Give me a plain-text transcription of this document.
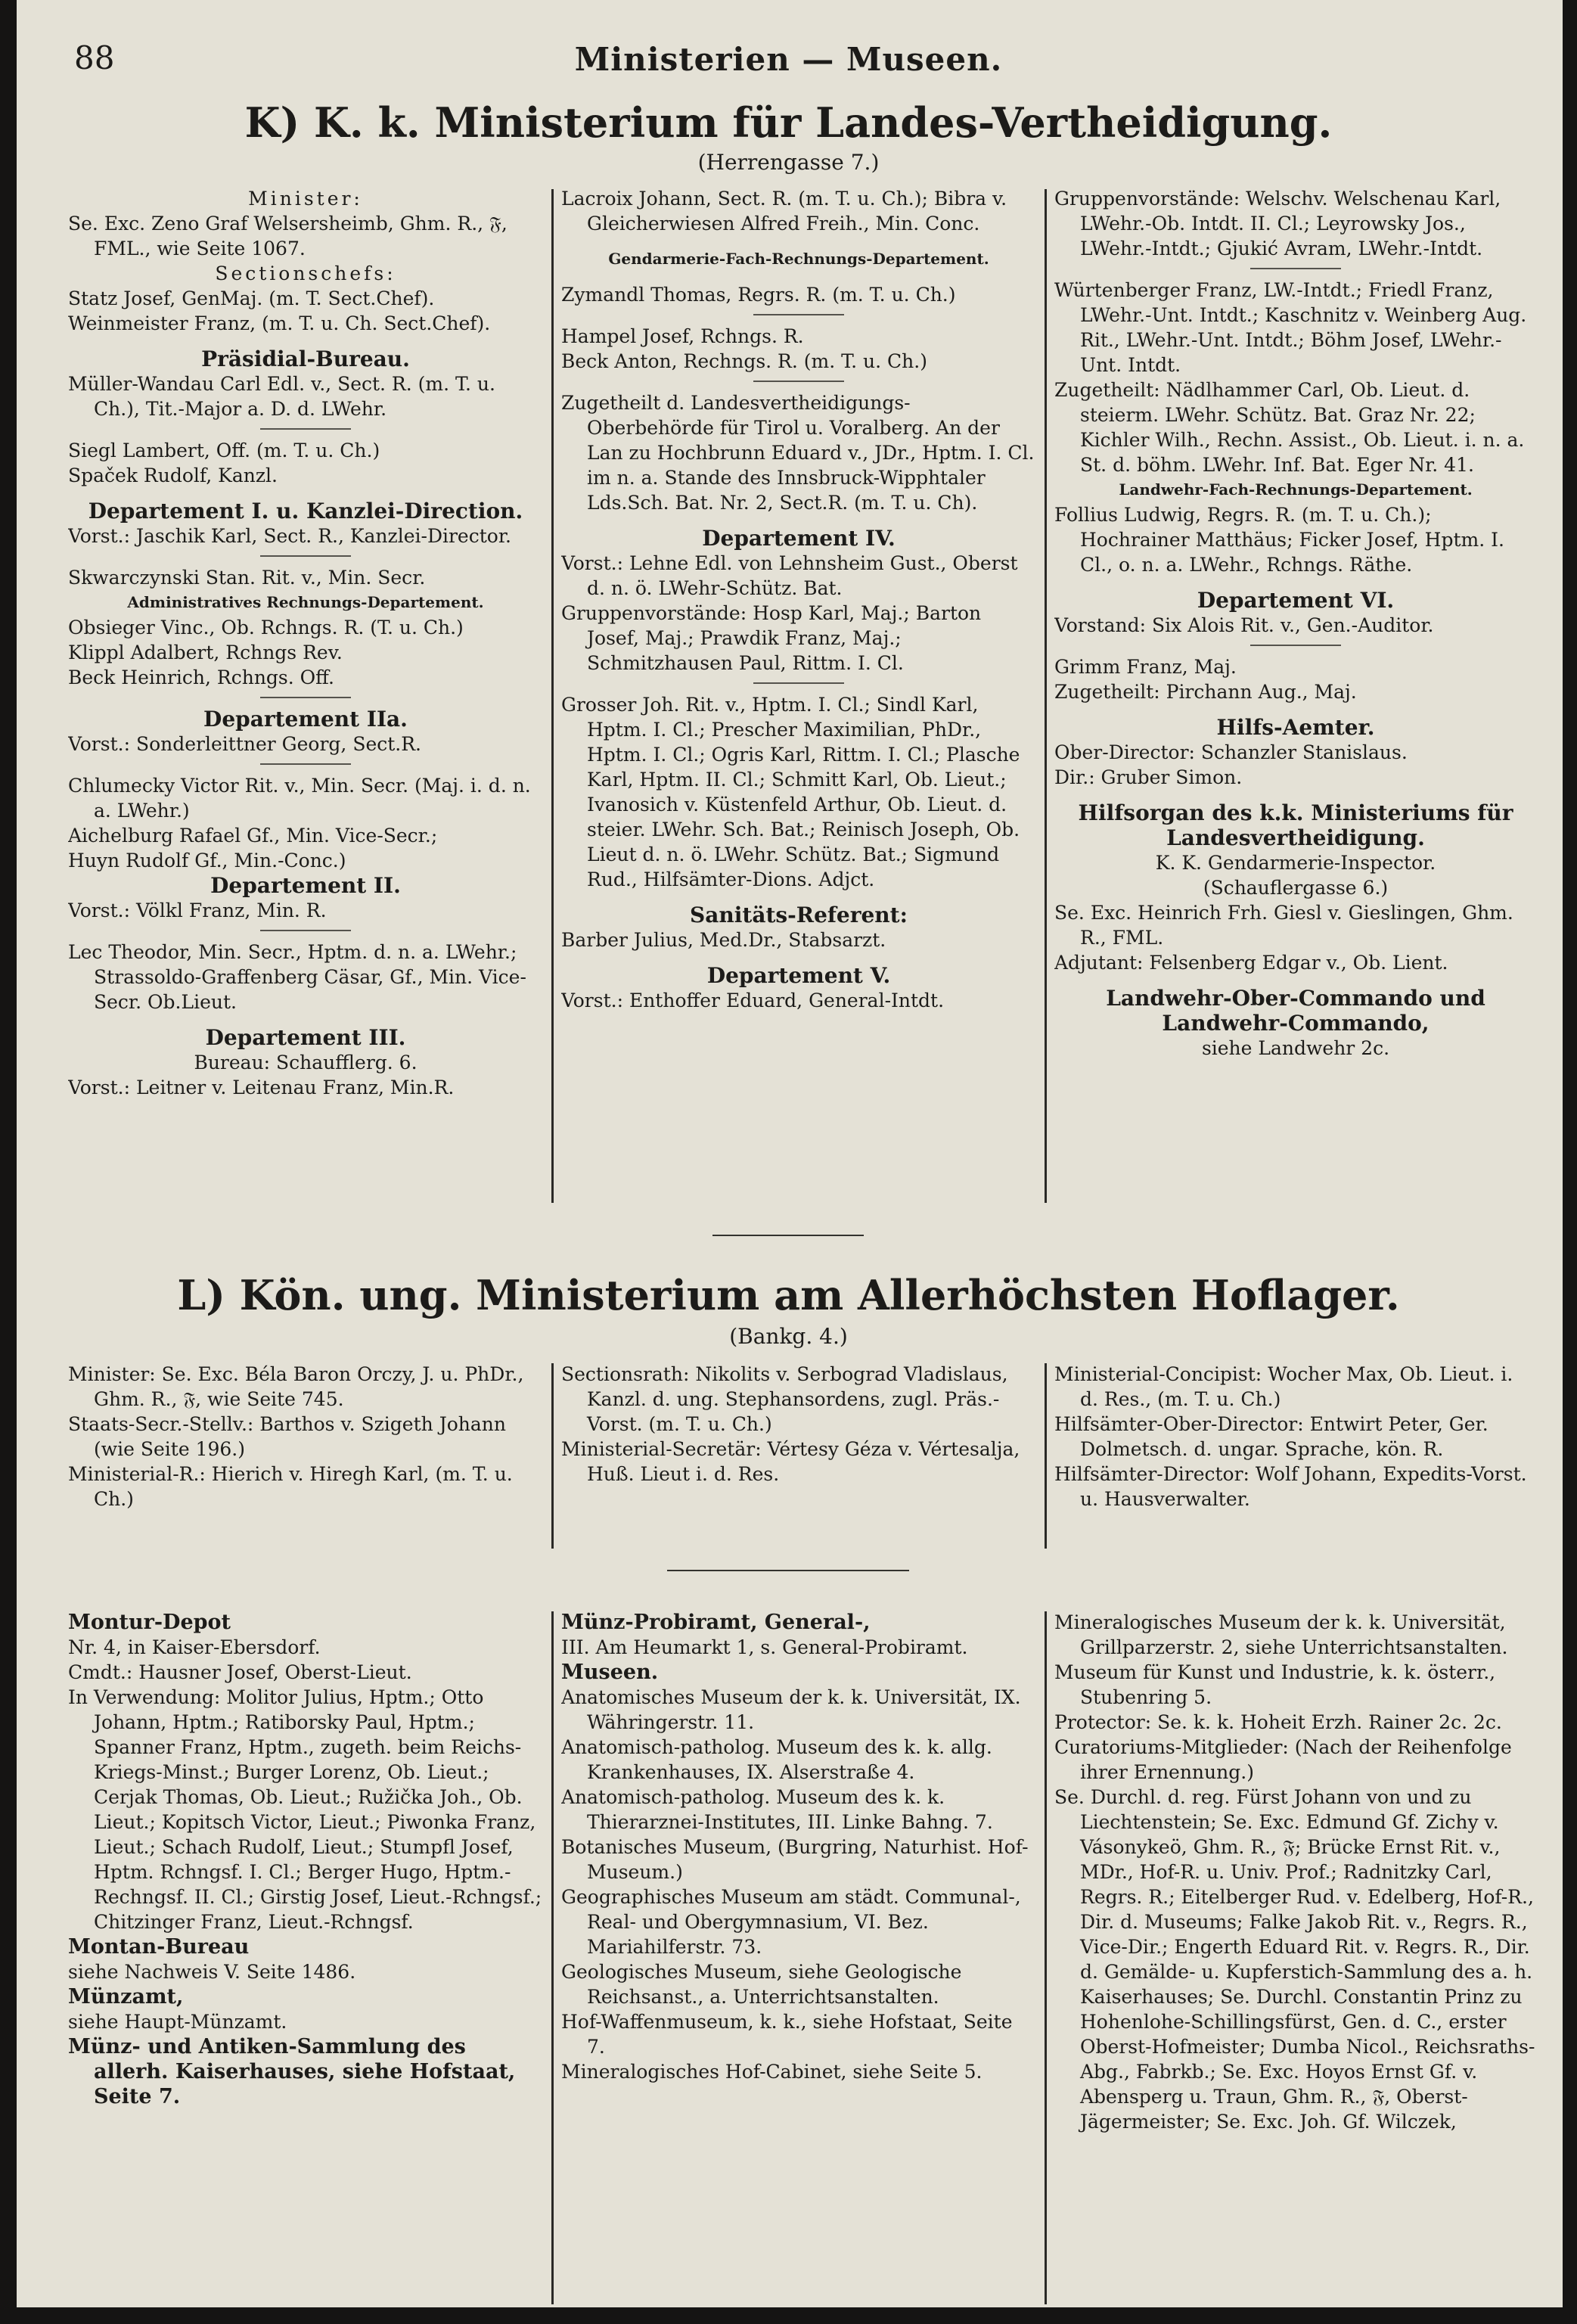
88	Ministerien — Museen.
K) K. k. Ministerium für Landes-Vertheidigung.
(Herrengasse 7.)

Minister:

Se. Exc. Zeno Graf Welsersheimb, Ghm. R., 𝔉, FML., wie Seite 1067.

Sectionschefs:

Statz Josef, GenMaj. (m. T. Sect.Chef).

Weinmeister Franz, (m. T. u. Ch. Sect.Chef).

Präsidial-Bureau.

Müller-Wandau Carl Edl. v., Sect. R. (m. T. u. Ch.), Tit.-Major a. D. d. LWehr.

Siegl Lambert, Off. (m. T. u. Ch.)

Spaček Rudolf, Kanzl.

Departement I. u. Kanzlei-Direction.

Vorst.: Jaschik Karl, Sect. R., Kanzlei-Director.

Skwarczynski Stan. Rit. v., Min. Secr.

Administratives Rechnungs-Departement.

Obsieger Vinc., Ob. Rchngs. R. (T. u. Ch.)

Klippl Adalbert, Rchngs Rev.

Beck Heinrich, Rchngs. Off.

Departement IIa.

Vorst.: Sonderleittner Georg, Sect.R.

Chlumecky Victor Rit. v., Min. Secr. (Maj. i. d. n. a. LWehr.)

Aichelburg Rafael Gf., Min. Vice-Secr.;

Huyn Rudolf Gf., Min.-Conc.)

Departement II.

Vorst.: Völkl Franz, Min. R.

Lec Theodor, Min. Secr., Hptm. d. n. a. LWehr.; Strassoldo-Graffenberg Cäsar, Gf., Min. Vice-Secr. Ob.Lieut.

Departement III.

Bureau: Schaufflerg. 6.

Vorst.: Leitner v. Leitenau Franz, Min.R.

Lacroix Johann, Sect. R. (m. T. u. Ch.); Bibra v. Gleicherwiesen Alfred Freih., Min. Conc.

Gendarmerie-Fach-Rechnungs-Departement.

Zymandl Thomas, Regrs. R. (m. T. u. Ch.)

Hampel Josef, Rchngs. R.

Beck Anton, Rechngs. R. (m. T. u. Ch.)

Zugetheilt d. Landesvertheidigungs-Oberbehörde für Tirol u. Voralberg. An der Lan zu Hochbrunn Eduard v., JDr., Hptm. I. Cl. im n. a. Stande des Innsbruck-Wipphtaler Lds.Sch. Bat. Nr. 2, Sect.R. (m. T. u. Ch).

Departement IV.

Vorst.: Lehne Edl. von Lehnsheim Gust., Oberst d. n. ö. LWehr-Schütz. Bat.

Gruppenvorstände: Hosp Karl, Maj.; Barton Josef, Maj.; Prawdik Franz, Maj.; Schmitzhausen Paul, Rittm. I. Cl.

Grosser Joh. Rit. v., Hptm. I. Cl.; Sindl Karl, Hptm. I. Cl.; Prescher Maximilian, PhDr., Hptm. I. Cl.; Ogris Karl, Rittm. I. Cl.; Plasche Karl, Hptm. II. Cl.; Schmitt Karl, Ob. Lieut.; Ivanosich v. Küstenfeld Arthur, Ob. Lieut. d. steier. LWehr. Sch. Bat.; Reinisch Joseph, Ob. Lieut d. n. ö. LWehr. Schütz. Bat.; Sigmund Rud., Hilfsämter-Dions. Adjct.

Sanitäts-Referent:

Barber Julius, Med.Dr., Stabsarzt.

Departement V.

Vorst.: Enthoffer Eduard, General-Intdt.

Gruppenvorstände: Welschv. Welschenau Karl, LWehr.-Ob. Intdt. II. Cl.; Leyrowsky Jos., LWehr.-Intdt.; Gjukić Avram, LWehr.-Intdt.

Würtenberger Franz, LW.-Intdt.; Friedl Franz, LWehr.-Unt. Intdt.; Kaschnitz v. Weinberg Aug. Rit., LWehr.-Unt. Intdt.; Böhm Josef, LWehr.-Unt. Intdt.

Zugetheilt: Nädlhammer Carl, Ob. Lieut. d. steierm. LWehr. Schütz. Bat. Graz Nr. 22; Kichler Wilh., Rechn. Assist., Ob. Lieut. i. n. a. St. d. böhm. LWehr. Inf. Bat. Eger Nr. 41.

Landwehr-Fach-Rechnungs-Departement.

Follius Ludwig, Regrs. R. (m. T. u. Ch.); Hochrainer Matthäus; Ficker Josef, Hptm. I. Cl., o. n. a. LWehr., Rchngs. Räthe.

Departement VI.

Vorstand: Six Alois Rit. v., Gen.-Auditor.

Grimm Franz, Maj.

Zugetheilt: Pirchann Aug., Maj.

Hilfs-Aemter.

Ober-Director: Schanzler Stanislaus.

Dir.: Gruber Simon.

Hilfsorgan des k.k. Ministeriums für Landesvertheidigung.

K. K. Gendarmerie-Inspector.

(Schauflergasse 6.)

Se. Exc. Heinrich Frh. Giesl v. Gieslingen, Ghm. R., FML.

Adjutant: Felsenberg Edgar v., Ob. Lient.

Landwehr-Ober-Commando und Landwehr-Commando,

siehe Landwehr 2c.

L) Kön. ung. Ministerium am Allerhöchsten Hoflager.
(Bankg. 4.)

Minister: Se. Exc. Béla Baron Orczy, J. u. PhDr., Ghm. R., 𝔉, wie Seite 745.

Staats-Secr.-Stellv.: Barthos v. Szigeth Johann (wie Seite 196.)

Ministerial-R.: Hierich v. Hiregh Karl, (m. T. u. Ch.)

Sectionsrath: Nikolits v. Serbograd Vladislaus, Kanzl. d. ung. Stephansordens, zugl. Präs.-Vorst. (m. T. u. Ch.)

Ministerial-Secretär: Vértesy Géza v. Vértesalja, Huß. Lieut i. d. Res.

Ministerial-Concipist: Wocher Max, Ob. Lieut. i. d. Res., (m. T. u. Ch.)

Hilfsämter-Ober-Director: Entwirt Peter, Ger. Dolmetsch. d. ungar. Sprache, kön. R.

Hilfsämter-Director: Wolf Johann, Expedits-Vorst. u. Hausverwalter.

Montur-Depot

Nr. 4, in Kaiser-Ebersdorf.

Cmdt.: Hausner Josef, Oberst-Lieut.

In Verwendung: Molitor Julius, Hptm.; Otto Johann, Hptm.; Ratiborsky Paul, Hptm.; Spanner Franz, Hptm., zugeth. beim Reichs-Kriegs-Minst.; Burger Lorenz, Ob. Lieut.; Cerjak Thomas, Ob. Lieut.; Ružička Joh., Ob. Lieut.; Kopitsch Victor, Lieut.; Piwonka Franz, Lieut.; Schach Rudolf, Lieut.; Stumpfl Josef, Hptm. Rchngsf. I. Cl.; Berger Hugo, Hptm.-Rechngsf. II. Cl.; Girstig Josef, Lieut.-Rchngsf.; Chitzinger Franz, Lieut.-Rchngsf.

Montan-Bureau

siehe Nachweis V. Seite 1486.

Münzamt,

siehe Haupt-Münzamt.

Münz- und Antiken-Sammlung des allerh. Kaiserhauses, siehe Hofstaat, Seite 7.

Münz-Probiramt, General-,

III. Am Heumarkt 1, s. General-Probiramt.

Museen.

Anatomisches Museum der k. k. Universität, IX. Währingerstr. 11.

Anatomisch-patholog. Museum des k. k. allg. Krankenhauses, IX. Alserstraße 4.

Anatomisch-patholog. Museum des k. k. Thierarznei-Institutes, III. Linke Bahng. 7.

Botanisches Museum, (Burgring, Naturhist. Hof-Museum.)

Geographisches Museum am städt. Communal-, Real- und Obergymnasium, VI. Bez. Mariahilferstr. 73.

Geologisches Museum, siehe Geologische Reichsanst., a. Unterrichtsanstalten.

Hof-Waffenmuseum, k. k., siehe Hofstaat, Seite 7.

Mineralogisches Hof-Cabinet, siehe Seite 5.

Mineralogisches Museum der k. k. Universität, Grillparzerstr. 2, siehe Unterrichtsanstalten.

Museum für Kunst und Industrie, k. k. österr., Stubenring 5.

Protector: Se. k. k. Hoheit Erzh. Rainer 2c. 2c.

Curatoriums-Mitglieder: (Nach der Reihenfolge ihrer Ernennung.)

Se. Durchl. d. reg. Fürst Johann von und zu Liechtenstein; Se. Exc. Edmund Gf. Zichy v. Vásonykeö, Ghm. R., 𝔉; Brücke Ernst Rit. v., MDr., Hof-R. u. Univ. Prof.; Radnitzky Carl, Regrs. R.; Eitelberger Rud. v. Edelberg, Hof-R., Dir. d. Museums; Falke Jakob Rit. v., Regrs. R., Vice-Dir.; Engerth Eduard Rit. v. Regrs. R., Dir. d. Gemälde- u. Kupferstich-Sammlung des a. h. Kaiserhauses; Se. Durchl. Constantin Prinz zu Hohenlohe-Schillingsfürst, Gen. d. C., erster Oberst-Hofmeister; Dumba Nicol., Reichsraths-Abg., Fabrkb.; Se. Exc. Hoyos Ernst Gf. v. Abensperg u. Traun, Ghm. R., 𝔉, Oberst-Jägermeister; Se. Exc. Joh. Gf. Wilczek,
